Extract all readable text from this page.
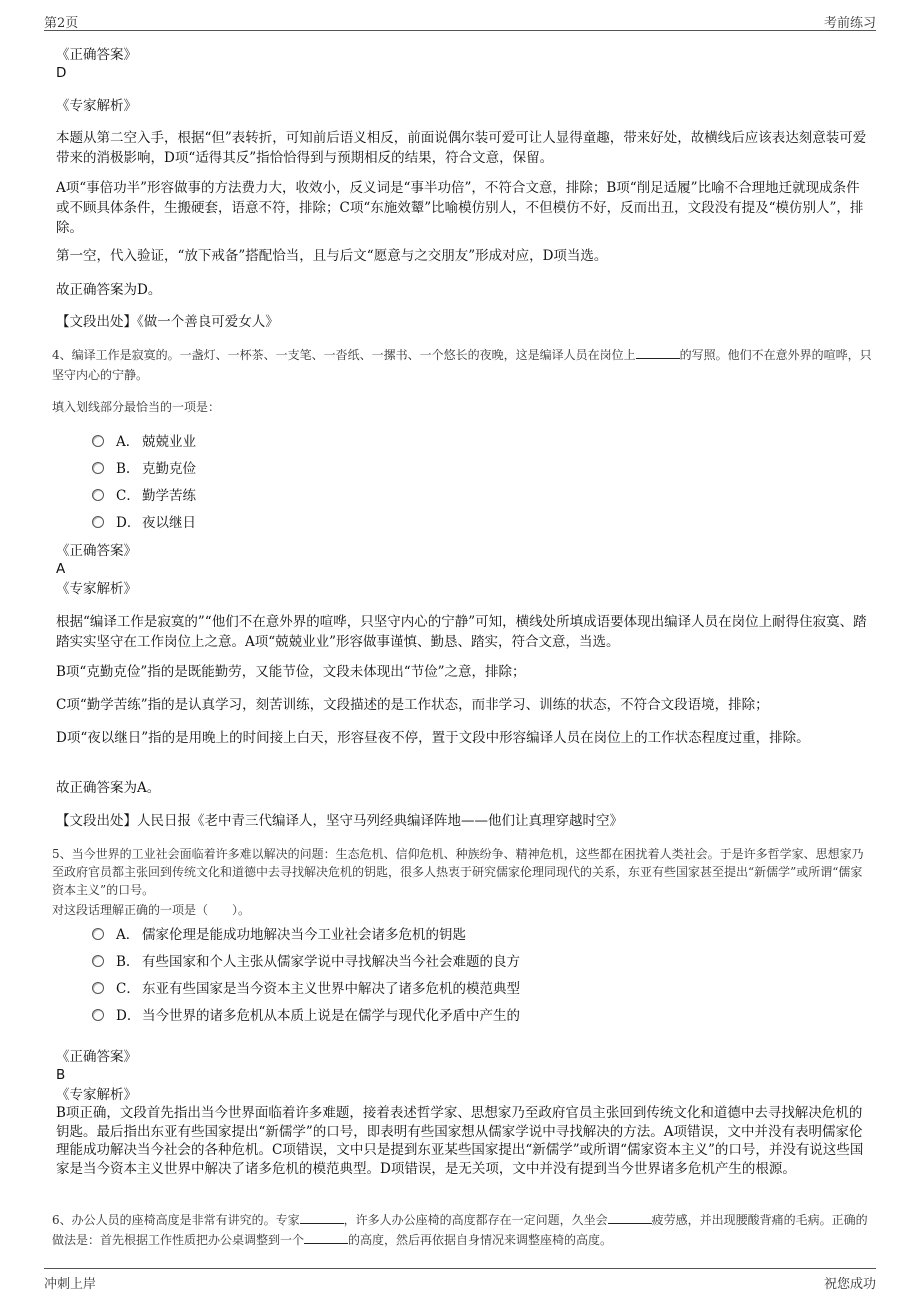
第2页	考前练习
《正确答案》
D
《专家解析》
本题从第二空入手，根据“但”表转折，可知前后语义相反，前面说偶尔装可爱可让人显得童趣，带来好处，故横线后应该表达刻意装可爱带来的消极影响，D项“适得其反”指恰恰得到与预期相反的结果，符合文意，保留。
A项“事倍功半”形容做事的方法费力大，收效小，反义词是“事半功倍”，不符合文意，排除；B项“削足适履”比喻不合理地迁就现成条件或不顾具体条件，生搬硬套，语意不符，排除；C项“东施效颦”比喻模仿别人，不但模仿不好，反而出丑，文段没有提及“模仿别人”，排除。
第一空，代入验证，“放下戒备”搭配恰当，且与后文“愿意与之交朋友”形成对应，D项当选。
故正确答案为D。
【文段出处】《做一个善良可爱女人》
4、编译工作是寂寞的。一盏灯、一杯茶、一支笔、一沓纸、一摞书、一个悠长的夜晚，这是编译人员在岗位上	的写照。他们不在意外界的喧哗，只坚守内心的宁静。
填入划线部分最恰当的一项是：
A． 兢兢业业
B. 克勤克俭
C． 勤学苦练
D． 夜以继日
《正确答案》
A
《专家解析》
根据“编译工作是寂寞的”“他们不在意外界的喧哗，只坚守内心的宁静”可知，横线处所填成语要体现出编译人员在岗位上耐得住寂寞、踏踏实实坚守在工作岗位上之意。A项“兢兢业业”形容做事谨慎、勤恳、踏实，符合文意，当选。
B项“克勤克俭”指的是既能勤劳，又能节俭，文段未体现出“节俭”之意，排除；
C项“勤学苦练”指的是认真学习，刻苦训练，文段描述的是工作状态，而非学习、训练的状态，不符合文段语境，排除；
D项“夜以继日”指的是用晚上的时间接上白天，形容昼夜不停，置于文段中形容编译人员在岗位上的工作状态程度过重，排除。
故正确答案为A。
【文段出处】人民日报《老中青三代编译人，坚守马列经典编译阵地——他们让真理穿越时空》
5、当今世界的工业社会面临着许多难以解决的问题：生态危机、信仰危机、种族纷争、精神危机，这些都在困扰着人类社会。于是许多哲学家、思想家乃至政府官员都主张回到传统文化和道德中去寻找解决危机的钥匙，很多人热衷于研究儒家伦理同现代的关系，东亚有些国家甚至提出“新儒学”或所谓“儒家资本主义”的口号。
对这段话理解正确的一项是（　　）。
A． 儒家伦理是能成功地解决当今工业社会诸多危机的钥匙
B. 有些国家和个人主张从儒家学说中寻找解决当今社会难题的良方
C． 东亚有些国家是当今资本主义世界中解决了诸多危机的模范典型
D． 当今世界的诸多危机从本质上说是在儒学与现代化矛盾中产生的
《正确答案》
B
《专家解析》
B项正确，文段首先指出当今世界面临着许多难题，接着表述哲学家、思想家乃至政府官员主张回到传统文化和道德中去寻找解决危机的钥匙。最后指出东亚有些国家提出“新儒学”的口号，即表明有些国家想从儒家学说中寻找解决的方法。A项错误，文中并没有表明儒家伦理能成功解决当今社会的各种危机。C项错误，文中只是提到东亚某些国家提出“新儒学”或所谓“儒家资本主义”的口号，并没有说这些国家是当今资本主义世界中解决了诸多危机的模范典型。D项错误，是无关项，文中并没有提到当今世界诸多危机产生的根源。
6、办公人员的座椅高度是非常有讲究的。专家	，许多人办公座椅的高度都存在一定问题，久坐会	疲劳感，并出现腰酸背痛的毛病。正确的做法是：首先根据工作性质把办公桌调整到一个	的高度，然后再依据自身情况来调整座椅的高度。
冲刺上岸	祝您成功
